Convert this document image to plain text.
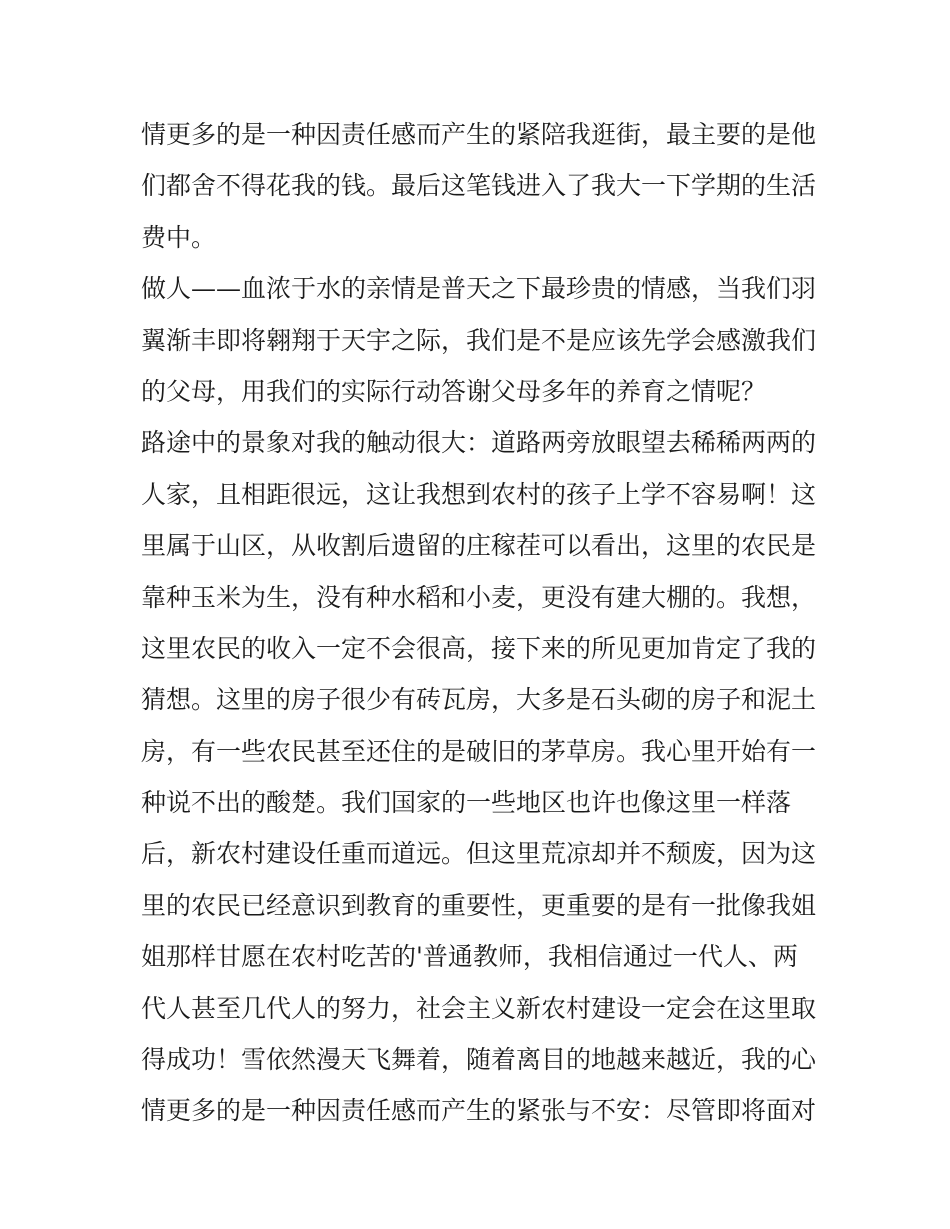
情更多的是一种因责任感而产生的紧陪我逛街，最主要的是他
们都舍不得花我的钱。最后这笔钱进入了我大一下学期的生活
费中。
做人——血浓于水的亲情是普天之下最珍贵的情感，当我们羽
翼渐丰即将翱翔于天宇之际，我们是不是应该先学会感激我们
的父母，用我们的实际行动答谢父母多年的养育之情呢？
路途中的景象对我的触动很大：道路两旁放眼望去稀稀两两的
人家，且相距很远，这让我想到农村的孩子上学不容易啊！这
里属于山区，从收割后遗留的庄稼茬可以看出，这里的农民是
靠种玉米为生，没有种水稻和小麦，更没有建大棚的。我想，
这里农民的收入一定不会很高，接下来的所见更加肯定了我的
猜想。这里的房子很少有砖瓦房，大多是石头砌的房子和泥土
房，有一些农民甚至还住的是破旧的茅草房。我心里开始有一
种说不出的酸楚。我们国家的一些地区也许也像这里一样落
后，新农村建设任重而道远。但这里荒凉却并不颓废，因为这
里的农民已经意识到教育的重要性，更重要的是有一批像我姐
姐那样甘愿在农村吃苦的'普通教师，我相信通过一代人、两
代人甚至几代人的努力，社会主义新农村建设一定会在这里取
得成功！雪依然漫天飞舞着，随着离目的地越来越近，我的心
情更多的是一种因责任感而产生的紧张与不安：尽管即将面对
